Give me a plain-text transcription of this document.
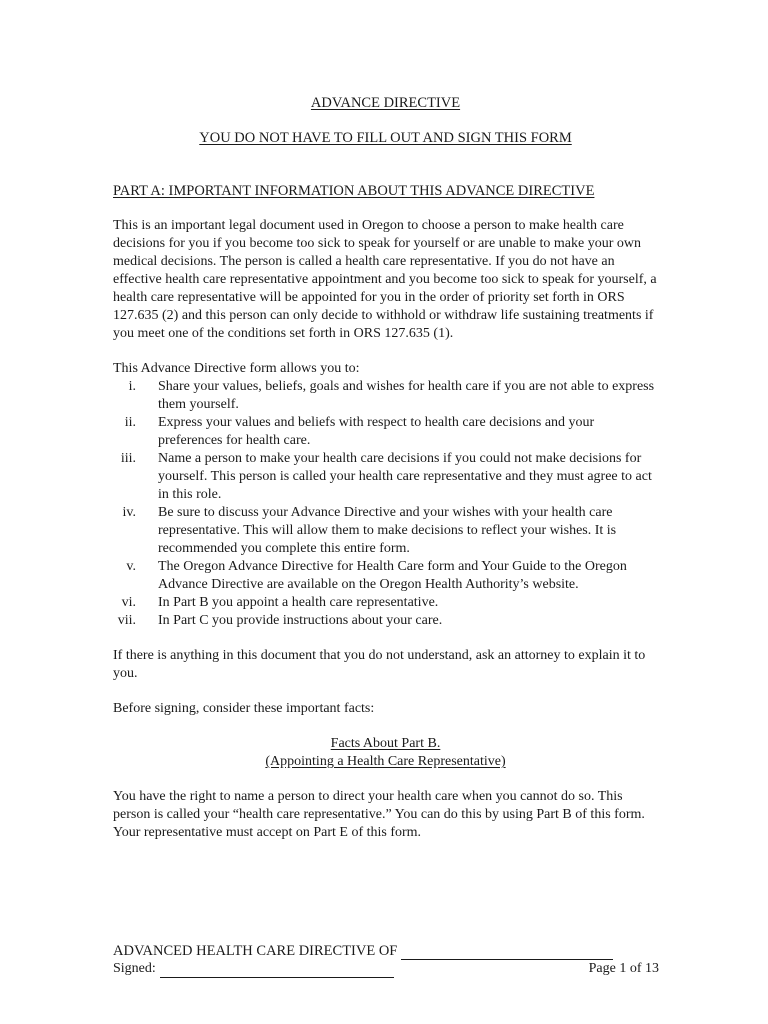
ADVANCE DIRECTIVE
YOU DO NOT HAVE TO FILL OUT AND SIGN THIS FORM
PART A: IMPORTANT INFORMATION ABOUT THIS ADVANCE DIRECTIVE

This is an important legal document used in Oregon to choose a person to make health care decisions for you if you become too sick to speak for yourself or are unable to make your own medical decisions. The person is called a health care representative. If you do not have an effective health care representative appointment and you become too sick to speak for yourself, a health care representative will be appointed for you in the order of priority set forth in ORS 127.635 (2) and this person can only decide to withhold or withdraw life sustaining treatments if you meet one of the conditions set forth in ORS 127.635 (1).

This Advance Directive form allows you to:
i.	Share your values, beliefs, goals and wishes for health care if you are not able to express them yourself.
ii.	Express your values and beliefs with respect to health care decisions and your preferences for health care.
iii.	Name a person to make your health care decisions if you could not make decisions for yourself. This person is called your health care representative and they must agree to act in this role.
iv.	Be sure to discuss your Advance Directive and your wishes with your health care representative. This will allow them to make decisions to reflect your wishes. It is recommended you complete this entire form.
v.	The Oregon Advance Directive for Health Care form and Your Guide to the Oregon Advance Directive are available on the Oregon Health Authority’s website.
vi.	In Part B you appoint a health care representative.
vii.	In Part C you provide instructions about your care.

If there is anything in this document that you do not understand, ask an attorney to explain it to you.

Before signing, consider these important facts:

Facts About Part B.
(Appointing a Health Care Representative)

You have the right to name a person to direct your health care when you cannot do so. This person is called your “health care representative.” You can do this by using Part B of this form. Your representative must accept on Part E of this form.

ADVANCED HEALTH CARE DIRECTIVE OF
Signed:	Page 1 of 13
